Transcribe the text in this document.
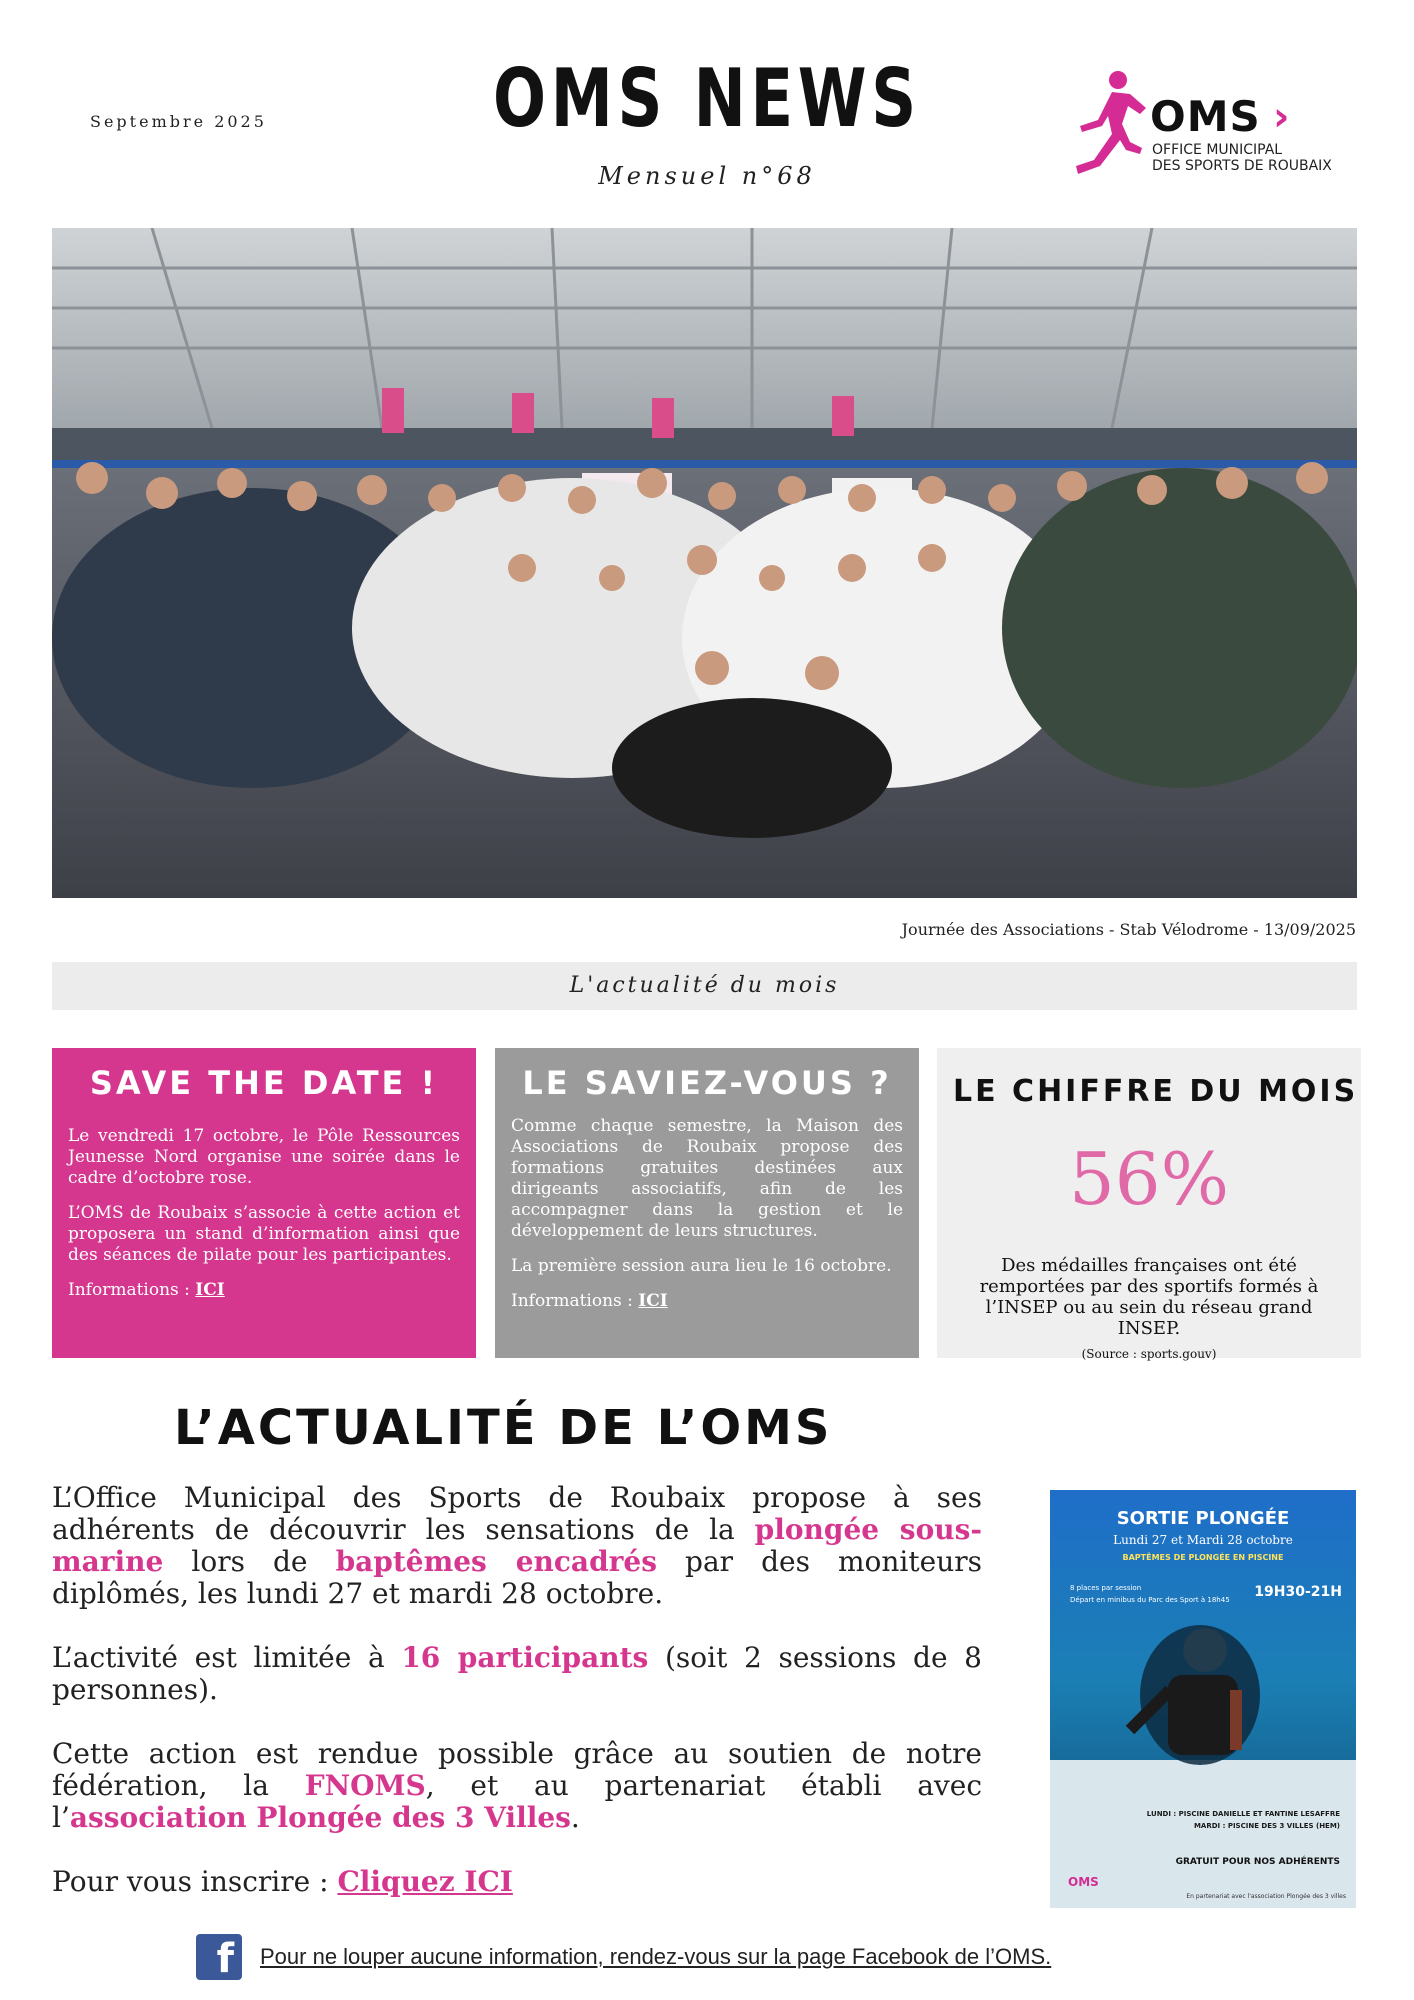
Septembre 2025	OMS NEWS
Mensuel n°68
OMS ›
OFFICE MUNICIPAL
DES SPORTS DE ROUBAIX
Journée des Associations - Stab Vélodrome - 13/09/2025
L'actualité du mois
SAVE THE DATE !

Le vendredi 17 octobre, le Pôle Ressources Jeunesse Nord organise une soirée dans le cadre d’octobre rose.

L’OMS de Roubaix s’associe à cette action et proposera un stand d’information ainsi que des séances de pilate pour les participantes.

Informations : ICI

LE SAVIEZ-VOUS ?

Comme chaque semestre, la Maison des Associations de Roubaix propose des formations gratuites destinées aux dirigeants associatifs, afin de les accompagner dans la gestion et le développement de leurs structures.

La première session aura lieu le 16 octobre.

Informations : ICI

LE CHIFFRE DU MOIS
56%
Des médailles françaises ont été remportées par des sportifs formés à l’INSEP ou au sein du réseau grand INSEP.
(Source : sports.gouv)
L’ACTUALITÉ DE L’OMS

L’Office Municipal des Sports de Roubaix propose à ses adhérents de découvrir les sensations de la plongée sous-marine lors de baptêmes encadrés par des moniteurs diplômés, les lundi 27 et mardi 28 octobre.

L’activité est limitée à 16 participants (soit 2 sessions de 8 personnes).

Cette action est rendue possible grâce au soutien de notre fédération, la FNOMS, et au partenariat établi avec l’association Plongée des 3 Villes.

Pour vous inscrire : Cliquez ICI

SORTIE PLONGÉE
Lundi 27 et Mardi 28 octobre
BAPTÊMES DE PLONGÉE EN PISCINE
8 places par session
Départ en minibus du Parc des Sport à 18h45 19H30-21H
LUNDI : PISCINE DANIELLE ET FANTINE LESAFFRE
MARDI : PISCINE DES 3 VILLES (HEM)
GRATUIT POUR NOS ADHÉRENTS
OMS
En partenariat avec l'association Plongée des 3 villes
f Pour ne louper aucune information, rendez-vous sur la page Facebook de l’OMS.
